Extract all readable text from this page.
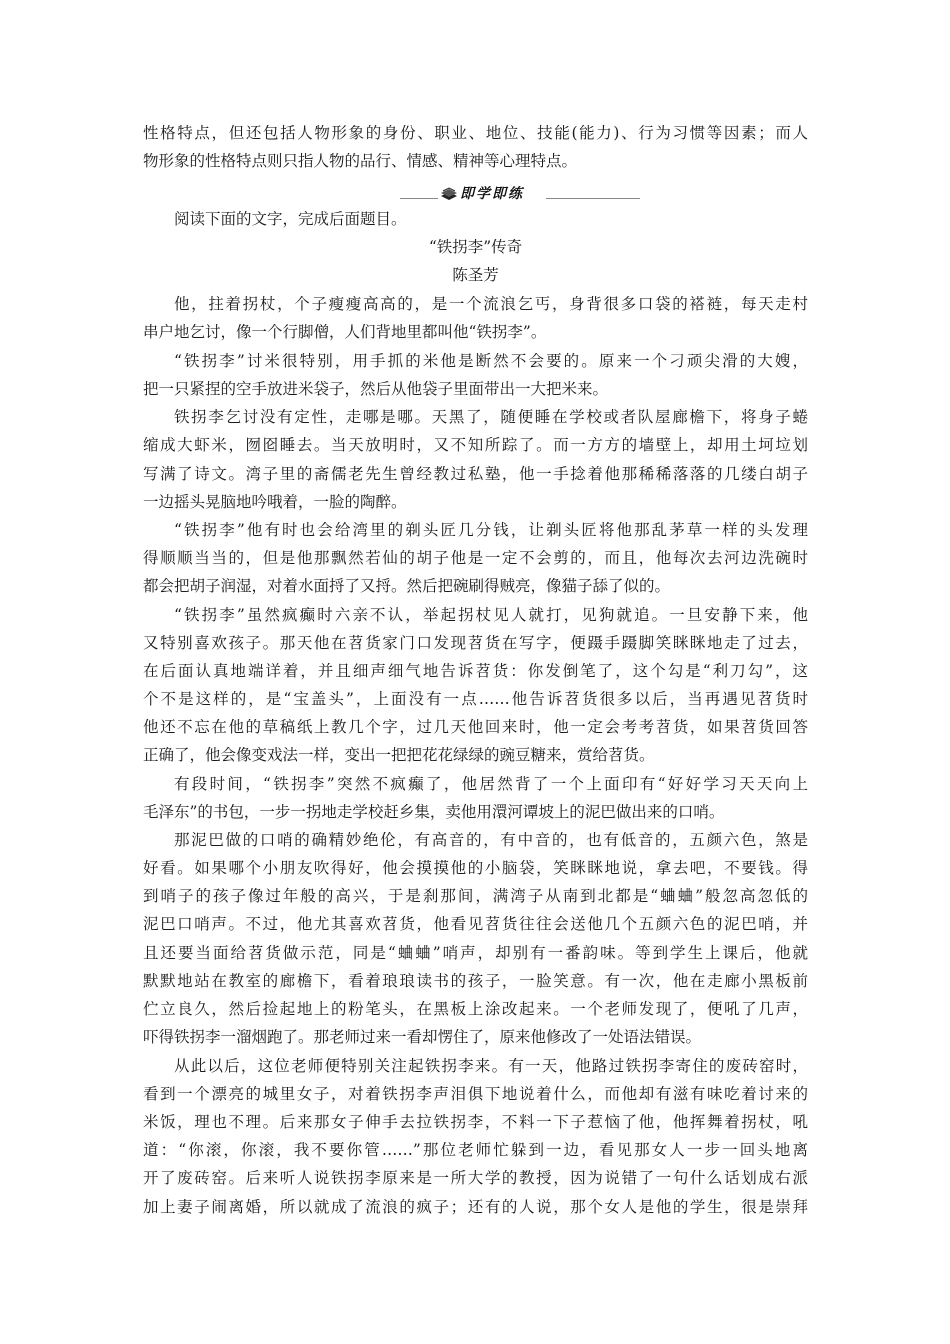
性格特点，但还包括人物形象的身份、职业、地位、技能(能力)、行为习惯等因素；而人
物形象的性格特点则只指人物的品行、情感、精神等心理特点。
即学即练
阅读下面的文字，完成后面题目。
“铁拐李”传奇
陈圣芳
他，拄着拐杖，个子瘦瘦高高的，是一个流浪乞丐，身背很多口袋的褡裢，每天走村
串户地乞讨，像一个行脚僧，人们背地里都叫他“铁拐李”。
“铁拐李”讨米很特别，用手抓的米他是断然不会要的。原来一个刁顽尖滑的大嫂，
把一只紧捏的空手放进米袋子，然后从他袋子里面带出一大把米来。
铁拐李乞讨没有定性，走哪是哪。天黑了，随便睡在学校或者队屋廊檐下，将身子蜷
缩成大虾米，囫囵睡去。当天放明时，又不知所踪了。而一方方的墙壁上，却用土坷垃划
写满了诗文。湾子里的斋儒老先生曾经教过私塾，他一手捻着他那稀稀落落的几缕白胡子
一边摇头晃脑地吟哦着，一脸的陶醉。
“铁拐李”他有时也会给湾里的剃头匠几分钱，让剃头匠将他那乱茅草一样的头发理
得顺顺当当的，但是他那飘然若仙的胡子他是一定不会剪的，而且，他每次去河边洗碗时
都会把胡子润湿，对着水面捋了又捋。然后把碗刷得贼亮，像猫子舔了似的。
“铁拐李”虽然疯癫时六亲不认，举起拐杖见人就打，见狗就追。一旦安静下来，他
又特别喜欢孩子。那天他在苕货家门口发现苕货在写字，便蹑手蹑脚笑眯眯地走了过去，
在后面认真地端详着，并且细声细气地告诉苕货：你发倒笔了，这个勾是“利刀勾”，这
个不是这样的，是“宝盖头”，上面没有一点……他告诉苕货很多以后，当再遇见苕货时
他还不忘在他的草稿纸上教几个字，过几天他回来时，他一定会考考苕货，如果苕货回答
正确了，他会像变戏法一样，变出一把把花花绿绿的豌豆糖来，赏给苕货。
有段时间，“铁拐李”突然不疯癫了，他居然背了一个上面印有“好好学习天天向上
毛泽东”的书包，一步一拐地走学校赶乡集，卖他用澴河谭坡上的泥巴做出来的口哨。
那泥巴做的口哨的确精妙绝伦，有高音的，有中音的，也有低音的，五颜六色，煞是
好看。如果哪个小朋友吹得好，他会摸摸他的小脑袋，笑眯眯地说，拿去吧，不要钱。得
到哨子的孩子像过年般的高兴，于是刹那间，满湾子从南到北都是“蛐蛐”般忽高忽低的
泥巴口哨声。不过，他尤其喜欢苕货，他看见苕货往往会送他几个五颜六色的泥巴哨，并
且还要当面给苕货做示范，同是“蛐蛐”哨声，却别有一番韵味。等到学生上课后，他就
默默地站在教室的廊檐下，看着琅琅读书的孩子，一脸笑意。有一次，他在走廊小黑板前
伫立良久，然后捡起地上的粉笔头，在黑板上涂改起来。一个老师发现了，便吼了几声，
吓得铁拐李一溜烟跑了。那老师过来一看却愣住了，原来他修改了一处语法错误。
从此以后，这位老师便特别关注起铁拐李来。有一天，他路过铁拐李寄住的废砖窑时，
看到一个漂亮的城里女子，对着铁拐李声泪俱下地说着什么，而他却有滋有味吃着讨来的
米饭，理也不理。后来那女子伸手去拉铁拐李，不料一下子惹恼了他，他挥舞着拐杖，吼
道：“你滚，你滚，我不要你管……”那位老师忙躲到一边，看见那女人一步一回头地离
开了废砖窑。后来听人说铁拐李原来是一所大学的教授，因为说错了一句什么话划成右派
加上妻子闹离婚，所以就成了流浪的疯子；还有的人说，那个女人是他的学生，很是崇拜
